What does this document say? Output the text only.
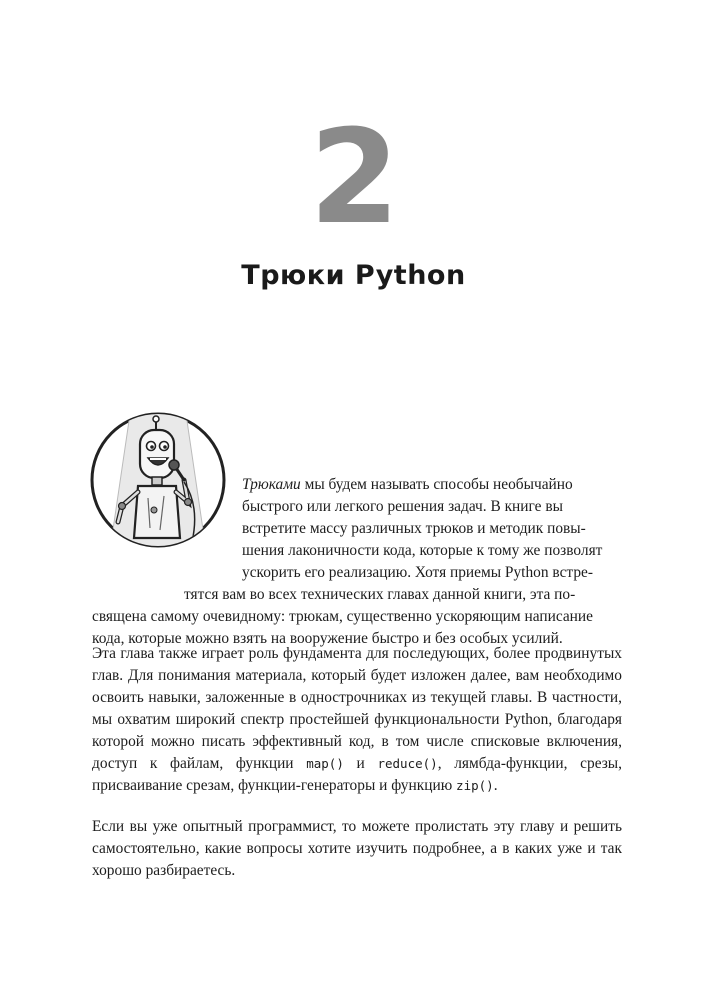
2
Трюки Python
Трюками мы будем называть способы необычайно
быстрого или легкого решения задач. В книге вы
встретите массу различных трюков и методик повы-
шения лаконичности кода, которые к тому же позволят
ускорить его реализацию. Хотя приемы Python встре-
тятся вам во всех технических главах данной книги, эта по-
священа самому очевидному: трюкам, существенно ускоряющим написание
кода, которые можно взять на вооружение быстро и без особых усилий.

Эта глава также играет роль фундамента для последующих, более продвинутых глав. Для понимания материала, который будет изложен далее, вам необходимо освоить навыки, заложенные в однострочниках из текущей главы. В частности, мы охватим широкий спектр простейшей функциональности Python, благодаря которой можно писать эффективный код, в том числе списковые включения, доступ к файлам, функции map() и reduce(), лямбда-функции, срезы, присваивание срезам, функции-генераторы и функцию zip().

Если вы уже опытный программист, то можете пролистать эту главу и решить самостоятельно, какие вопросы хотите изучить подробнее, а в каких уже и так хорошо разбираетесь.
